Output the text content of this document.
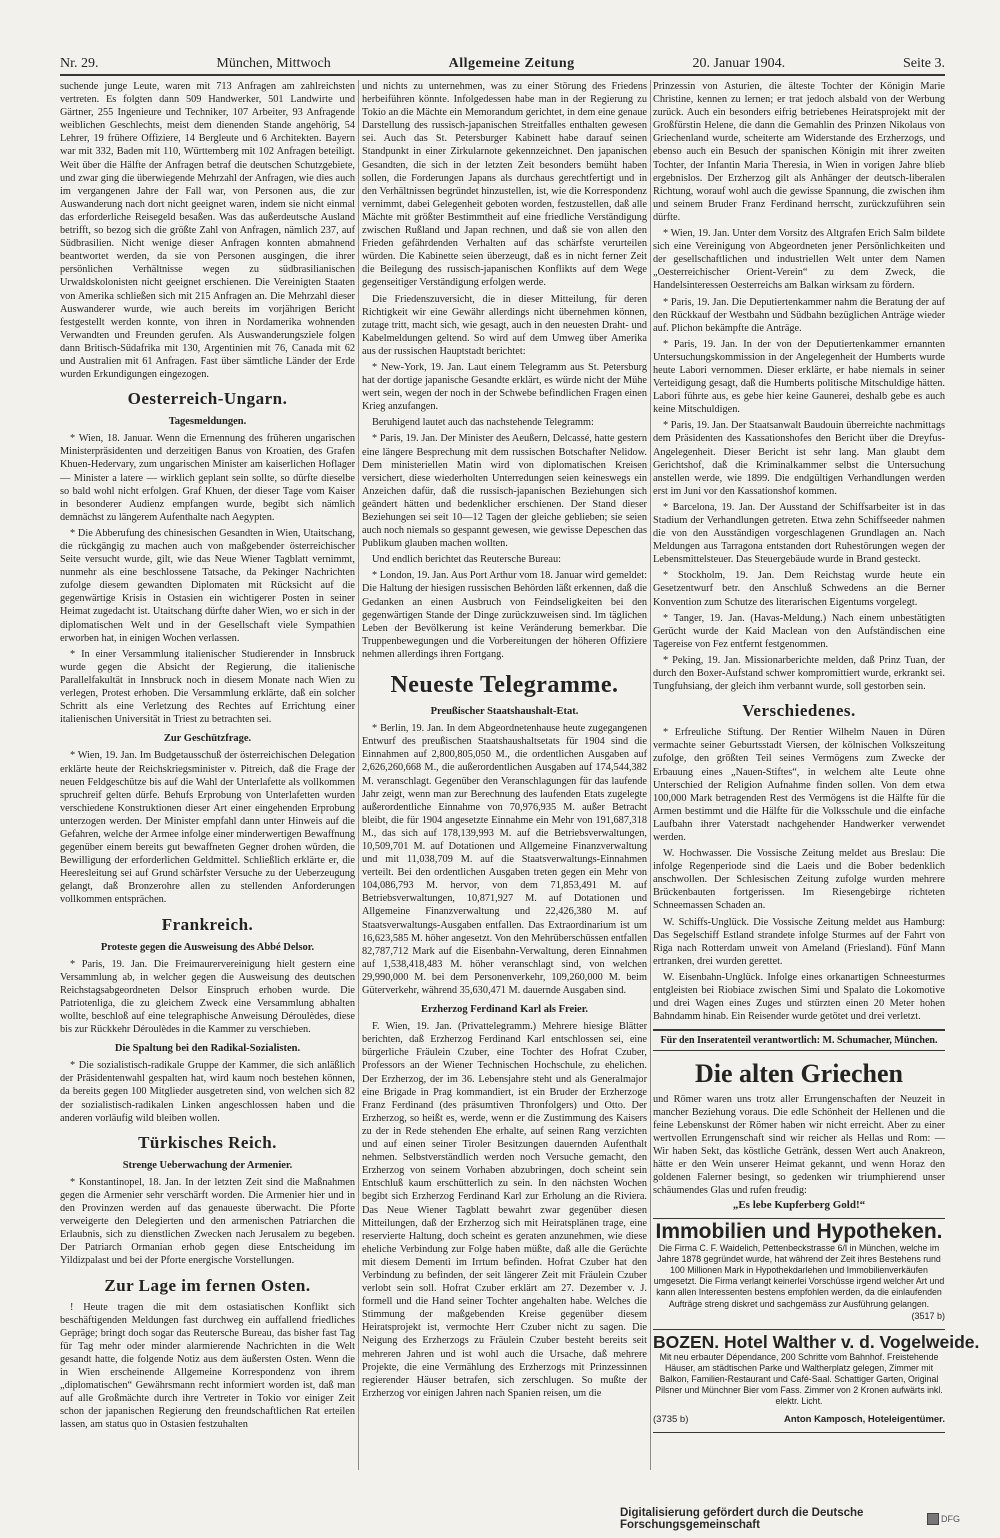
Nr. 29.	München, Mittwoch	Allgemeine Zeitung	20. Januar 1904.	Seite 3.

suchende junge Leute, waren mit 713 Anfragen am zahlreichsten vertreten. Es folgten dann 509 Handwerker, 501 Landwirte und Gärtner, 255 Ingenieure und Techniker, 107 Arbeiter, 93 Anfragende weiblichen Geschlechts, meist dem dienenden Stande angehörig, 54 Lehrer, 19 frühere Offiziere, 14 Bergleute und 6 Architekten. Bayern war mit 332, Baden mit 110, Württemberg mit 102 Anfragen beteiligt. Weit über die Hälfte der Anfragen betraf die deutschen Schutzgebiete, und zwar ging die überwiegende Mehrzahl der Anfragen, wie dies auch im vergangenen Jahre der Fall war, von Personen aus, die zur Auswanderung nach dort nicht geeignet waren, indem sie nicht einmal das erforderliche Reisegeld besaßen. Was das außerdeutsche Ausland betrifft, so bezog sich die größte Zahl von Anfragen, nämlich 237, auf Südbrasilien. Nicht wenige dieser Anfragen konnten abmahnend beantwortet werden, da sie von Personen ausgingen, die ihrer persönlichen Verhältnisse wegen zu südbrasilianischen Urwaldskolonisten nicht geeignet erschienen. Die Vereinigten Staaten von Amerika schließen sich mit 215 Anfragen an. Die Mehrzahl dieser Auswanderer wurde, wie auch bereits im vorjährigen Bericht festgestellt werden konnte, von ihren in Nordamerika wohnenden Verwandten und Freunden gerufen. Als Auswanderungsziele folgen dann Britisch-Südafrika mit 130, Argentinien mit 76, Canada mit 62 und Australien mit 61 Anfragen. Fast über sämtliche Länder der Erde wurden Erkundigungen eingezogen.

Oesterreich-Ungarn.
Tagesmeldungen.

* Wien, 18. Januar. Wenn die Ernennung des früheren ungarischen Ministerpräsidenten und derzeitigen Banus von Kroatien, des Grafen Khuen-Hedervary, zum ungarischen Minister am kaiserlichen Hoflager — Minister a latere — wirklich geplant sein sollte, so dürfte dieselbe so bald wohl nicht erfolgen. Graf Khuen, der dieser Tage vom Kaiser in besonderer Audienz empfangen wurde, begibt sich nämlich demnächst zu längerem Aufenthalte nach Aegypten.

* Die Abberufung des chinesischen Gesandten in Wien, Utaitschang, die rückgängig zu machen auch von maßgebender österreichischer Seite versucht wurde, gilt, wie das Neue Wiener Tagblatt vernimmt, nunmehr als eine beschlossene Tatsache, da Pekinger Nachrichten zufolge diesem gewandten Diplomaten mit Rücksicht auf die gegenwärtige Krisis in Ostasien ein wichtigerer Posten in seiner Heimat zugedacht ist. Utaitschang dürfte daher Wien, wo er sich in der diplomatischen Welt und in der Gesellschaft viele Sympathien erworben hat, in einigen Wochen verlassen.

* In einer Versammlung italienischer Studierender in Innsbruck wurde gegen die Absicht der Regierung, die italienische Parallelfakultät in Innsbruck noch in diesem Monate nach Wien zu verlegen, Protest erhoben. Die Versammlung erklärte, daß ein solcher Schritt als eine Verletzung des Rechtes auf Errichtung einer italienischen Universität in Triest zu betrachten sei.

Zur Geschützfrage.

* Wien, 19. Jan. Im Budgetausschuß der österreichischen Delegation erklärte heute der Reichskriegsminister v. Pitreich, daß die Frage der neuen Feldgeschütze bis auf die Wahl der Unterlafette als vollkommen spruchreif gelten dürfe. Behufs Erprobung von Unterlafetten wurden verschiedene Konstruktionen dieser Art einer eingehenden Erprobung unterzogen werden. Der Minister empfahl dann unter Hinweis auf die Gefahren, welche der Armee infolge einer minderwertigen Bewaffnung gegenüber einem bereits gut bewaffneten Gegner drohen würden, die Bewilligung der erforderlichen Geldmittel. Schließlich erklärte er, die Heeresleitung sei auf Grund schärfster Versuche zu der Ueberzeugung gelangt, daß Bronzerohre allen zu stellenden Anforderungen vollkommen entsprächen.

Frankreich.
Proteste gegen die Ausweisung des Abbé Delsor.

* Paris, 19. Jan. Die Freimaurervereinigung hielt gestern eine Versammlung ab, in welcher gegen die Ausweisung des deutschen Reichstagsabgeordneten Delsor Einspruch erhoben wurde. Die Patriotenliga, die zu gleichem Zweck eine Versammlung abhalten wollte, beschloß auf eine telegraphische Anweisung Déroulèdes, diese bis zur Rückkehr Déroulèdes in die Kammer zu verschieben.

Die Spaltung bei den Radikal-Sozialisten.

* Die sozialistisch-radikale Gruppe der Kammer, die sich anläßlich der Präsidentenwahl gespalten hat, wird kaum noch bestehen können, da bereits gegen 100 Mitglieder ausgetreten sind, von welchen sich 82 der sozialistisch-radikalen Linken angeschlossen haben und die anderen vorläufig wild bleiben wollen.

Türkisches Reich.
Strenge Ueberwachung der Armenier.

* Konstantinopel, 18. Jan. In der letzten Zeit sind die Maßnahmen gegen die Armenier sehr verschärft worden. Die Armenier hier und in den Provinzen werden auf das genaueste überwacht. Die Pforte verweigerte den Delegierten und den armenischen Patriarchen die Erlaubnis, sich zu dienstlichen Zwecken nach Jerusalem zu begeben. Der Patriarch Ormanian erhob gegen diese Entscheidung im Yildizpalast und bei der Pforte energische Vorstellungen.

Zur Lage im fernen Osten.

! Heute tragen die mit dem ostasiatischen Konflikt sich beschäftigenden Meldungen fast durchweg ein auffallend friedliches Gepräge; bringt doch sogar das Reutersche Bureau, das bisher fast Tag für Tag mehr oder minder alarmierende Nachrichten in die Welt gesandt hatte, die folgende Notiz aus dem äußersten Osten. Wenn die in Wien erscheinende Allgemeine Korrespondenz von ihrem „diplomatischen“ Gewährsmann recht informiert worden ist, daß man auf alle Großmächte durch ihre Vertreter in Tokio vor einiger Zeit schon der japanischen Regierung den freundschaftlichen Rat erteilen lassen, am status quo in Ostasien festzuhalten

und nichts zu unternehmen, was zu einer Störung des Friedens herbeiführen könnte. Infolgedessen habe man in der Regierung zu Tokio an die Mächte ein Memorandum gerichtet, in dem eine genaue Darstellung des russisch-japanischen Streitfalles enthalten gewesen sei. Auch das St. Petersburger Kabinett habe darauf seinen Standpunkt in einer Zirkularnote gekennzeichnet. Den japanischen Gesandten, die sich in der letzten Zeit besonders bemüht haben sollen, die Forderungen Japans als durchaus gerechtfertigt und in den Verhältnissen begründet hinzustellen, ist, wie die Korrespondenz vernimmt, dabei Gelegenheit geboten worden, festzustellen, daß alle Mächte mit größter Bestimmtheit auf eine friedliche Verständigung zwischen Rußland und Japan rechnen, und daß sie von allen den Frieden gefährdenden Verhalten auf das schärfste verurteilen würden. Die Kabinette seien überzeugt, daß es in nicht ferner Zeit die Beilegung des russisch-japanischen Konflikts auf dem Wege gegenseitiger Verständigung erfolgen werde.

Die Friedenszuversicht, die in dieser Mitteilung, für deren Richtigkeit wir eine Gewähr allerdings nicht übernehmen können, zutage tritt, macht sich, wie gesagt, auch in den neuesten Draht- und Kabelmeldungen geltend. So wird auf dem Umweg über Amerika aus der russischen Hauptstadt berichtet:

* New-York, 19. Jan. Laut einem Telegramm aus St. Petersburg hat der dortige japanische Gesandte erklärt, es würde nicht der Mühe wert sein, wegen der noch in der Schwebe befindlichen Fragen einen Krieg anzufangen.

Beruhigend lautet auch das nachstehende Telegramm:

* Paris, 19. Jan. Der Minister des Aeußern, Delcassé, hatte gestern eine längere Besprechung mit dem russischen Botschafter Nelidow. Dem ministeriellen Matin wird von diplomatischen Kreisen versichert, diese wiederholten Unterredungen seien keineswegs ein Anzeichen dafür, daß die russisch-japanischen Beziehungen sich geändert hätten und bedenklicher erschienen. Der Stand dieser Beziehungen sei seit 10—12 Tagen der gleiche geblieben; sie seien auch noch niemals so gespannt gewesen, wie gewisse Depeschen das Publikum glauben machen wollten.

Und endlich berichtet das Reutersche Bureau:

* London, 19. Jan. Aus Port Arthur vom 18. Januar wird gemeldet: Die Haltung der hiesigen russischen Behörden läßt erkennen, daß die Gedanken an einen Ausbruch von Feindseligkeiten bei den gegenwärtigen Stande der Dinge zurückzuweisen sind. Im täglichen Leben der Bevölkerung ist keine Veränderung bemerkbar. Die Truppenbewegungen und die Vorbereitungen der höheren Offiziere nehmen allerdings ihren Fortgang.

Neueste Telegramme.
Preußischer Staatshaushalt-Etat.

* Berlin, 19. Jan. In dem Abgeordnetenhause heute zugegangenen Entwurf des preußischen Staatshaushaltsetats für 1904 sind die Einnahmen auf 2,800,805,050 M., die ordentlichen Ausgaben auf 2,626,260,668 M., die außerordentlichen Ausgaben auf 174,544,382 M. veranschlagt. Gegenüber den Veranschlagungen für das laufende Jahr zeigt, wenn man zur Berechnung des laufenden Etats zugelegte außerordentliche Einnahme von 70,976,935 M. außer Betracht bleibt, die für 1904 angesetzte Einnahme ein Mehr von 191,687,318 M., das sich auf 178,139,993 M. auf die Betriebsverwaltungen, 10,509,701 M. auf Dotationen und Allgemeine Finanzverwaltung und mit 11,038,709 M. auf die Staatsverwaltungs-Einnahmen verteilt. Bei den ordentlichen Ausgaben treten gegen ein Mehr von 104,086,793 M. hervor, von dem 71,853,491 M. auf Betriebsverwaltungen, 10,871,927 M. auf Dotationen und Allgemeine Finanzverwaltung und 22,426,380 M. auf Staatsverwaltungs-Ausgaben entfallen. Das Extraordinarium ist um 16,623,585 M. höher angesetzt. Von den Mehrüberschüssen entfallen 82,787,712 Mark auf die Eisenbahn-Verwaltung, deren Einnahmen auf 1,538,418,483 M. höher veranschlagt sind, von welchen 29,990,000 M. bei dem Personenverkehr, 109,260,000 M. beim Güterverkehr, während 35,630,471 M. dauernde Ausgaben sind.

Erzherzog Ferdinand Karl als Freier.

F. Wien, 19. Jan. (Privattelegramm.) Mehrere hiesige Blätter berichten, daß Erzherzog Ferdinand Karl entschlossen sei, eine bürgerliche Fräulein Czuber, eine Tochter des Hofrat Czuber, Professors an der Wiener Technischen Hochschule, zu ehelichen. Der Erzherzog, der im 36. Lebensjahre steht und als Generalmajor eine Brigade in Prag kommandiert, ist ein Bruder der Erzherzoge Franz Ferdinand (des präsumtiven Thronfolgers) und Otto. Der Erzherzog, so heißt es, werde, wenn er die Zustimmung des Kaisers zu der in Rede stehenden Ehe erhalte, auf seinen Rang verzichten und auf einen seiner Tiroler Besitzungen dauernden Aufenthalt nehmen. Selbstverständlich werden noch Versuche gemacht, den Erzherzog von seinem Vorhaben abzubringen, doch scheint sein Entschluß kaum erschütterlich zu sein. In den nächsten Wochen begibt sich Erzherzog Ferdinand Karl zur Erholung an die Riviera. Das Neue Wiener Tagblatt bewahrt zwar gegenüber diesen Mitteilungen, daß der Erzherzog sich mit Heiratsplänen trage, eine reservierte Haltung, doch scheint es geraten anzunehmen, wie diese eheliche Verbindung zur Folge haben müßte, daß alle die Gerüchte mit diesem Dementi im Irrtum befinden. Hofrat Czuber hat den Verbindung zu befinden, der seit längerer Zeit mit Fräulein Czuber verlobt sein soll. Hofrat Czuber erklärt am 27. Dezember v. J. formell und die Hand seiner Tochter angehalten habe. Welches die Stimmung der maßgebenden Kreise gegenüber diesem Heiratsprojekt ist, vermochte Herr Czuber nicht zu sagen. Die Neigung des Erzherzogs zu Fräulein Czuber besteht bereits seit mehreren Jahren und ist wohl auch die Ursache, daß mehrere Projekte, die eine Vermählung des Erzherzogs mit Prinzessinnen regierender Häuser betrafen, sich zerschlugen. So mußte der Erzherzog vor einigen Jahren nach Spanien reisen, um die

Prinzessin von Asturien, die älteste Tochter der Königin Marie Christine, kennen zu lernen; er trat jedoch alsbald von der Werbung zurück. Auch ein besonders eifrig betriebenes Heiratsprojekt mit der Großfürstin Helene, die dann die Gemahlin des Prinzen Nikolaus von Griechenland wurde, scheiterte am Widerstande des Erzherzogs, und ebenso auch ein Besuch der spanischen Königin mit ihrer zweiten Tochter, der Infantin Maria Theresia, in Wien in vorigen Jahre blieb ergebnislos. Der Erzherzog gilt als Anhänger der deutsch-liberalen Richtung, worauf wohl auch die gewisse Spannung, die zwischen ihm und seinem Bruder Franz Ferdinand herrscht, zurückzuführen sein dürfte.

* Wien, 19. Jan. Unter dem Vorsitz des Altgrafen Erich Salm bildete sich eine Vereinigung von Abgeordneten jener Persönlichkeiten und der gesellschaftlichen und industriellen Welt unter dem Namen „Oesterreichischer Orient-Verein“ zu dem Zweck, die Handelsinteressen Oesterreichs am Balkan wirksam zu fördern.

* Paris, 19. Jan. Die Deputiertenkammer nahm die Beratung der auf den Rückkauf der Westbahn und Südbahn bezüglichen Anträge wieder auf. Plichon bekämpfte die Anträge.

* Paris, 19. Jan. In der von der Deputiertenkammer ernannten Untersuchungskommission in der Angelegenheit der Humberts wurde heute Labori vernommen. Dieser erklärte, er habe niemals in seiner Verteidigung gesagt, daß die Humberts politische Mitschuldige hätten. Labori führte aus, es gebe hier keine Gaunerei, deshalb gebe es auch keine Mitschuldigen.

* Paris, 19. Jan. Der Staatsanwalt Baudouin überreichte nachmittags dem Präsidenten des Kassationshofes den Bericht über die Dreyfus-Angelegenheit. Dieser Bericht ist sehr lang. Man glaubt dem Gerichtshof, daß die Kriminalkammer selbst die Untersuchung anstellen werde, wie 1899. Die endgültigen Verhandlungen werden erst im Juni vor den Kassationshof kommen.

* Barcelona, 19. Jan. Der Ausstand der Schiffsarbeiter ist in das Stadium der Verhandlungen getreten. Etwa zehn Schiffseeder nahmen die von den Ausständigen vorgeschlagenen Grundlagen an. Nach Meldungen aus Tarragona entstanden dort Ruhestörungen wegen der Lebensmittelsteuer. Das Steuergebäude wurde in Brand gesteckt.

* Stockholm, 19. Jan. Dem Reichstag wurde heute ein Gesetzentwurf betr. den Anschluß Schwedens an die Berner Konvention zum Schutze des literarischen Eigentums vorgelegt.

* Tanger, 19. Jan. (Havas-Meldung.) Nach einem unbestätigten Gerücht wurde der Kaid Maclean von den Aufständischen eine Tagereise von Fez entfernt festgenommen.

* Peking, 19. Jan. Missionarberichte melden, daß Prinz Tuan, der durch den Boxer-Aufstand schwer kompromittiert wurde, erkrankt sei. Tungfuhsiang, der gleich ihm verbannt wurde, soll gestorben sein.

Verschiedenes.

* Erfreuliche Stiftung. Der Rentier Wilhelm Nauen in Düren vermachte seiner Geburtsstadt Viersen, der kölnischen Volkszeitung zufolge, den größten Teil seines Vermögens zum Zwecke der Erbauung eines „Nauen-Stiftes“, in welchem alte Leute ohne Unterschied der Religion Aufnahme finden sollen. Von dem etwa 100,000 Mark betragenden Rest des Vermögens ist die Hälfte für die Armen bestimmt und die Hälfte für die Volksschule und die einfache Laufbahn ihrer Vaterstadt nachgehender Handwerker verwendet werden.

W. Hochwasser. Die Vossische Zeitung meldet aus Breslau: Die infolge Regenperiode sind die Laeis und die Bober bedenklich anschwollen. Der Schlesischen Zeitung zufolge wurden mehrere Brückenbauten fortgerissen. Im Riesengebirge richteten Schneemassen Schaden an.

W. Schiffs-Unglück. Die Vossische Zeitung meldet aus Hamburg: Das Segelschiff Estland strandete infolge Sturmes auf der Fahrt von Riga nach Rotterdam unweit von Ameland (Friesland). Fünf Mann ertranken, drei wurden gerettet.

W. Eisenbahn-Unglück. Infolge eines orkanartigen Schneesturmes entgleisten bei Riobiace zwischen Simi und Spalato die Lokomotive und drei Wagen eines Zuges und stürzten einen 20 Meter hohen Bahndamm hinab. Ein Reisender wurde getötet und drei verletzt.

Für den Inseratenteil verantwortlich: M. Schumacher, München.
Die alten Griechen
und Römer waren uns trotz aller Errungenschaften der Neuzeit in mancher Beziehung voraus. Die edle Schönheit der Hellenen und die feine Lebenskunst der Römer haben wir nicht erreicht. Aber zu einer wertvollen Errungenschaft sind wir reicher als Hellas und Rom: — Wir haben Sekt, das köstliche Getränk, dessen Wert auch Anakreon, hätte er den Wein unserer Heimat gekannt, und wenn Horaz den goldenen Falerner besingt, so gedenken wir triumphierend unser schäumendes Glas und rufen freudig:
„Es lebe Kupferberg Gold!“
Immobilien und Hypotheken.
Die Firma C. F. Waidelich, Pettenbeckstrasse 6/I in München, welche im Jahre 1878 gegründet wurde, hat während der Zeit ihres Bestehens rund 100 Millionen Mark in Hypothekdarlehen und Immobilienverkäufen umgesetzt. Die Firma verlangt keinerlei Vorschüsse irgend welcher Art und kann allen Interessenten bestens empfohlen werden, da die einlaufenden Aufträge streng diskret und sachgemäss zur Ausführung gelangen.
(3517 b)
BOZEN. Hotel Walther v. d. Vogelweide.
Mit neu erbauter Dépendance, 200 Schritte vom Bahnhof. Freistehende Häuser, am städtischen Parke und Waltherplatz gelegen, Zimmer mit Balkon, Familien-Restaurant und Café-Saal. Schattiger Garten, Original Pilsner und Münchner Bier vom Fass. Zimmer von 2 Kronen aufwärts inkl. elektr. Licht.
(3735 b)	Anton Kamposch, Hoteleigentümer.
Digitalisierung gefördert durch die Deutsche Forschungsgemeinschaft	DFG
